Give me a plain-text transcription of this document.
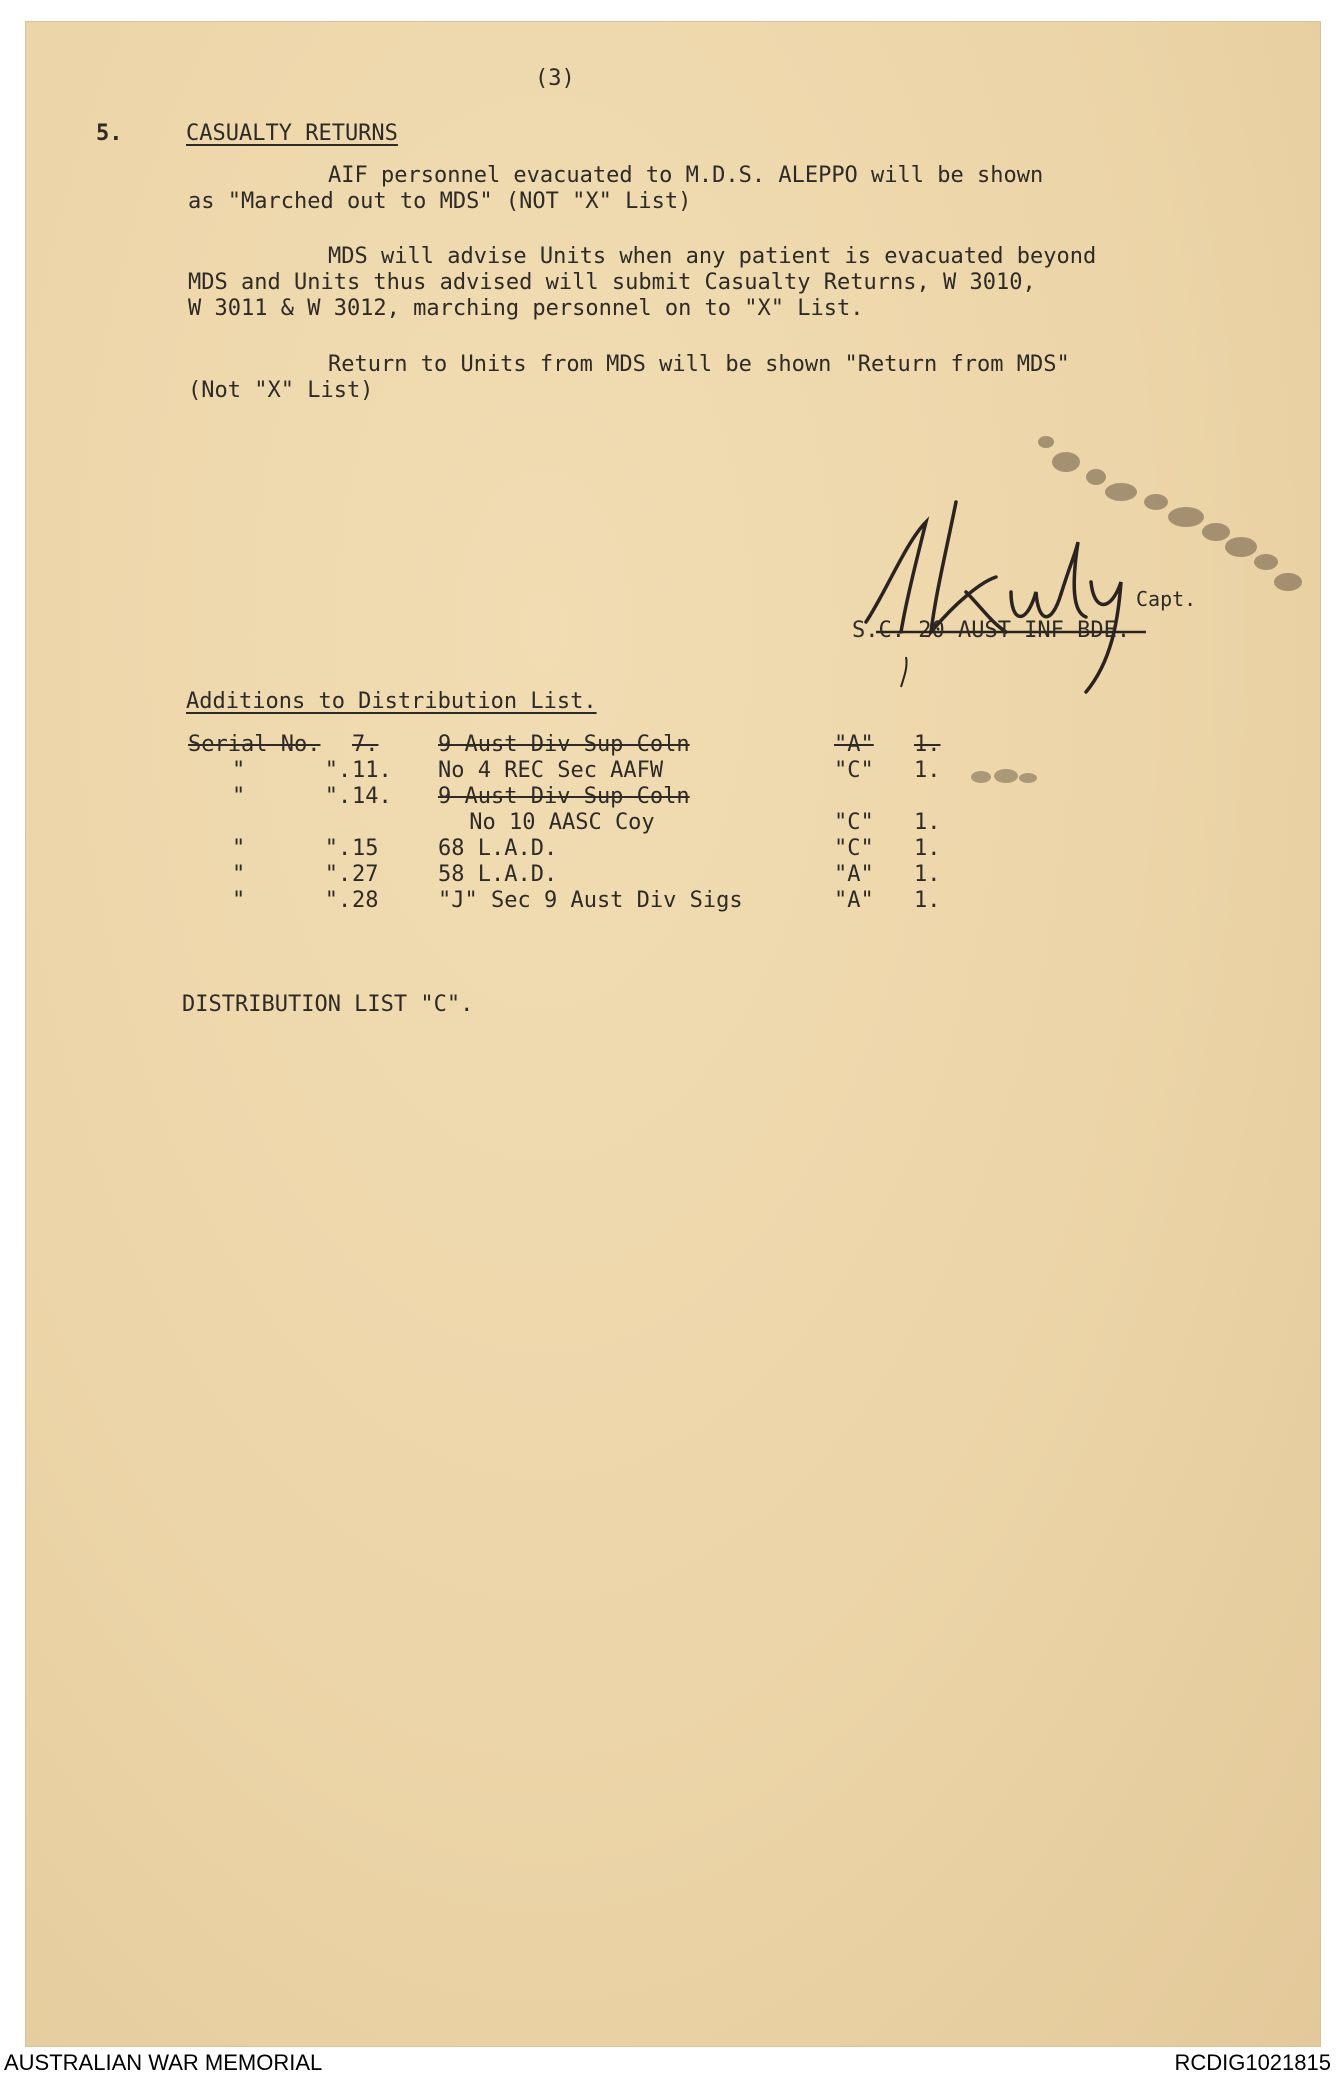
(3)
5.	CASUALTY RETURNS
AIF personnel evacuated to M.D.S. ALEPPO will be shown
as "Marched out to MDS" (NOT "X" List)
MDS will advise Units when any patient is evacuated beyond
MDS and Units thus advised will submit Casualty Returns, W 3010,
W 3011 & W 3012, marching personnel on to "X" List.
Return to Units from MDS will be shown "Return from MDS"
(Not "X" List)
Capt.
S.C. 20 AUST INF BDE.
Additions to Distribution List.
Serial No. 7.	9 Aust Div Sup Coln	"A" 1.
"      ". 11. No 4 REC Sec AAFW	"C" 1.
"      ". 14. 9 Aust Div Sup Coln
No 10 AASC Coy	"C" 1.
"      ". 15	68 L.A.D.	"C" 1.
"      ". 27	58 L.A.D.	"A" 1.
"      ". 28	"J" Sec 9 Aust Div Sigs	"A" 1.
DISTRIBUTION LIST "C".
AUSTRALIAN WAR MEMORIAL	RCDIG1021815
